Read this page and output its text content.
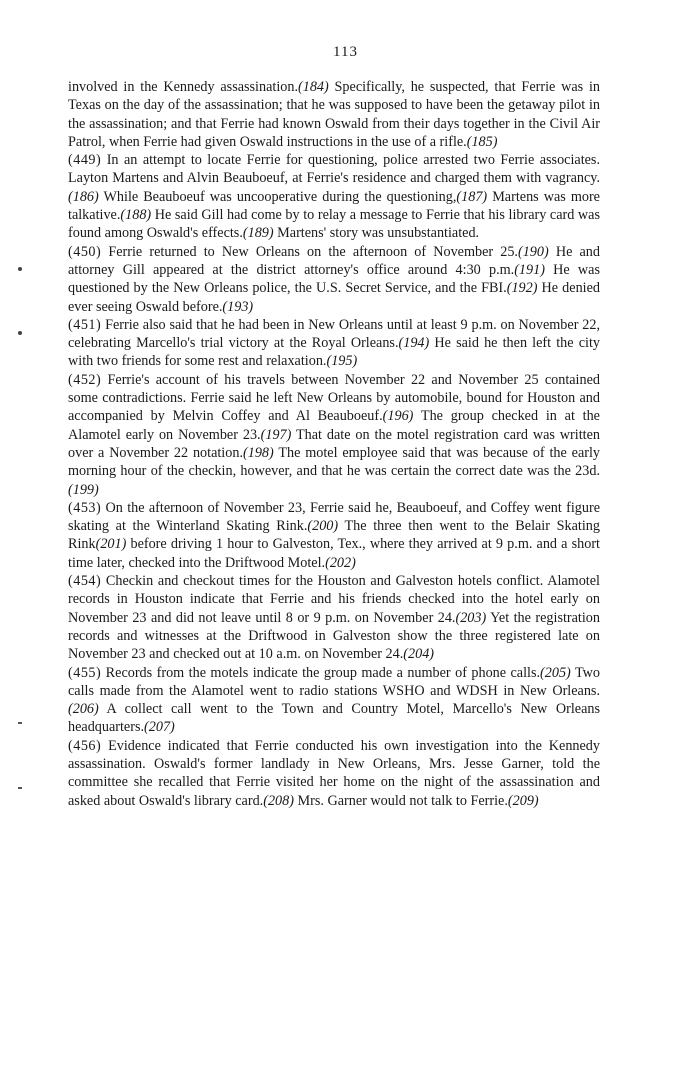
113

involved in the Kennedy assassination.(184) Specifically, he suspected, that Ferrie was in Texas on the day of the assassination; that he was supposed to have been the getaway pilot in the assassination; and that Ferrie had known Oswald from their days together in the Civil Air Patrol, when Ferrie had given Oswald instructions in the use of a rifle.(185)

(449) In an attempt to locate Ferrie for questioning, police arrested two Ferrie associates. Layton Martens and Alvin Beauboeuf, at Ferrie's residence and charged them with vagrancy.(186) While Beauboeuf was uncooperative during the questioning,(187) Martens was more talkative.(188) He said Gill had come by to relay a message to Ferrie that his library card was found among Oswald's effects.(189) Martens' story was unsubstantiated.

(450) Ferrie returned to New Orleans on the afternoon of November 25.(190) He and attorney Gill appeared at the district attorney's office around 4:30 p.m.(191) He was questioned by the New Orleans police, the U.S. Secret Service, and the FBI.(192) He denied ever seeing Oswald before.(193)

(451) Ferrie also said that he had been in New Orleans until at least 9 p.m. on November 22, celebrating Marcello's trial victory at the Royal Orleans.(194) He said he then left the city with two friends for some rest and relaxation.(195)

(452) Ferrie's account of his travels between November 22 and November 25 contained some contradictions. Ferrie said he left New Orleans by automobile, bound for Houston and accompanied by Melvin Coffey and Al Beauboeuf.(196) The group checked in at the Alamotel early on November 23.(197) That date on the motel registration card was written over a November 22 notation.(198) The motel employee said that was because of the early morning hour of the checkin, however, and that he was certain the correct date was the 23d.(199)

(453) On the afternoon of November 23, Ferrie said he, Beauboeuf, and Coffey went figure skating at the Winterland Skating Rink.(200) The three then went to the Belair Skating Rink(201) before driving 1 hour to Galveston, Tex., where they arrived at 9 p.m. and a short time later, checked into the Driftwood Motel.(202)

(454) Checkin and checkout times for the Houston and Galveston hotels conflict. Alamotel records in Houston indicate that Ferrie and his friends checked into the hotel early on November 23 and did not leave until 8 or 9 p.m. on November 24.(203) Yet the registration records and witnesses at the Driftwood in Galveston show the three registered late on November 23 and checked out at 10 a.m. on November 24.(204)

(455) Records from the motels indicate the group made a number of phone calls.(205) Two calls made from the Alamotel went to radio stations WSHO and WDSH in New Orleans.(206) A collect call went to the Town and Country Motel, Marcello's New Orleans headquarters.(207)

(456) Evidence indicated that Ferrie conducted his own investigation into the Kennedy assassination. Oswald's former landlady in New Orleans, Mrs. Jesse Garner, told the committee she recalled that Ferrie visited her home on the night of the assassination and asked about Oswald's library card.(208) Mrs. Garner would not talk to Ferrie.(209)
